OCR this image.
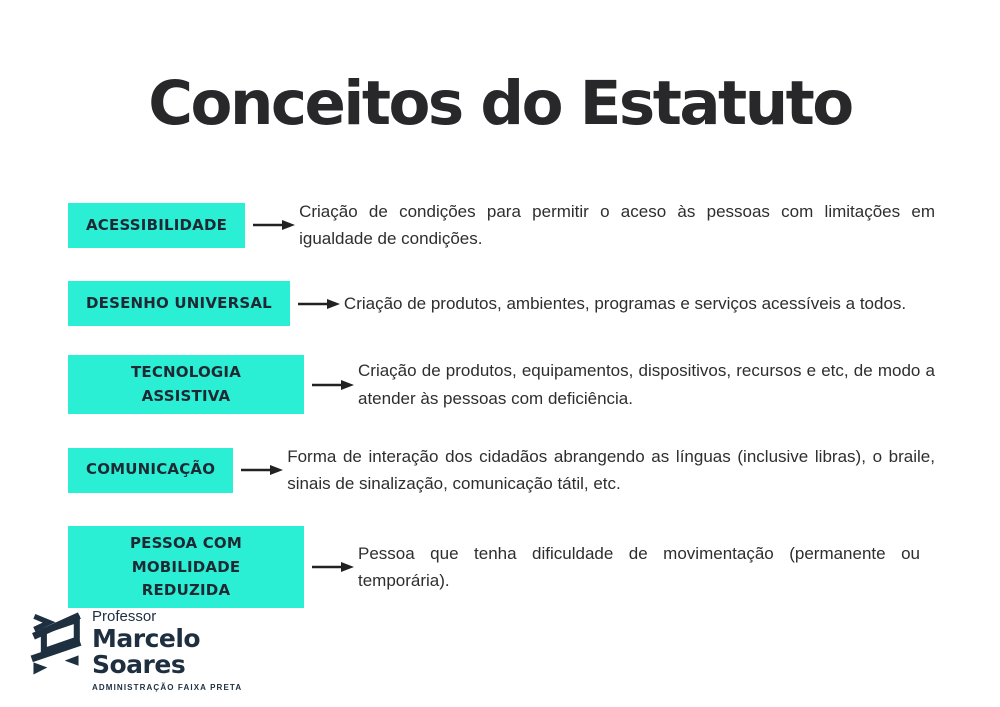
Conceitos do Estatuto
ACESSIBILIDADE

Criação de condições para permitir o aceso às pessoas com limitações em igualdade de condições.

DESENHO UNIVERSAL	Criação de produtos, ambientes, programas e serviços acessíveis a todos.

TECNOLOGIA ASSISTIVA

Criação de produtos, equipamentos, dispositivos, recursos e etc, de modo a atender às pessoas com deficiência.

COMUNICAÇÃO

Forma de interação dos cidadãos abrangendo as línguas (inclusive libras), o braile, sinais de sinalização, comunicação tátil, etc.

PESSOA COM MOBILIDADE REDUZIDA

Pessoa que tenha dificuldade de movimentação (permanente ou temporária).

Professor
Marcelo
Soares
ADMINISTRAÇÃO FAIXA PRETA
